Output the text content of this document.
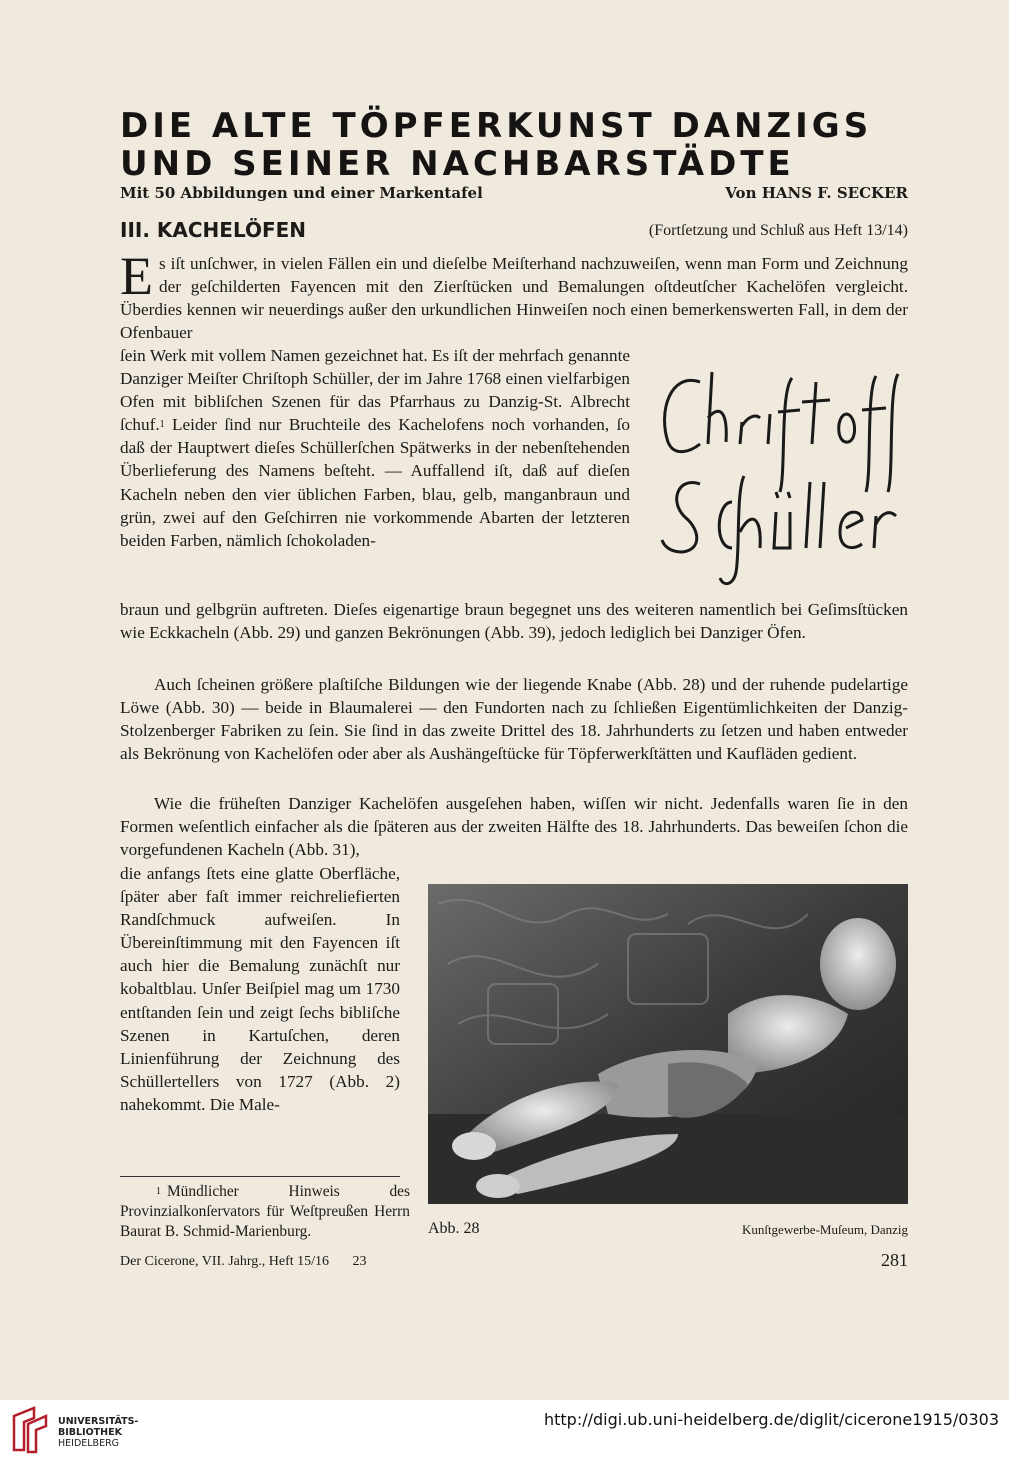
DIE ALTE TÖPFERKUNST DANZIGS
UND SEINER NACHBARSTÄDTE
Mit 50 Abbildungen und einer Markentafel	Von HANS F. SECKER
III. KACHELÖFEN	(Fortſetzung und Schluß aus Heft 13/14)

Es iſt unſchwer, in vielen Fällen ein und dieſelbe Meiſterhand nachzuweiſen, wenn man Form und Zeichnung der geſchilderten Fayencen mit den Zierſtücken und Bemalungen oſtdeutſcher Kachelöfen vergleicht. Überdies kennen wir neuerdings außer den urkundlichen Hinweiſen noch einen bemerkenswerten Fall, in dem der Ofenbauer

ſein Werk mit vollem Namen gezeichnet hat. Es iſt der mehrfach genannte Danziger Meiſter Chriſtoph Schüller, der im Jahre 1768 einen vielfarbigen Ofen mit bibliſchen Szenen für das Pfarrhaus zu Danzig-St. Albrecht ſchuf.$^1$ Leider ſind nur Bruchteile des Kachelofens noch vorhanden, ſo daß der Hauptwert dieſes Schüllerſchen Spätwerks in der nebenſtehenden Überlieferung des Namens beſteht. — Auffallend iſt, daß auf dieſen Kacheln neben den vier üblichen Farben, blau, gelb, manganbraun und grün, zwei auf den Geſchirren nie vorkommende Abarten der letzteren beiden Farben, nämlich ſchokoladen-

braun und gelbgrün auftreten. Dieſes eigenartige braun begegnet uns des weiteren namentlich bei Geſimsſtücken wie Eckkacheln (Abb. 29) und ganzen Bekrönungen (Abb. 39), jedoch lediglich bei Danziger Öfen.

Auch ſcheinen größere plaſtiſche Bildungen wie der liegende Knabe (Abb. 28) und der ruhende pudelartige Löwe (Abb. 30) — beide in Blaumalerei — den Fundorten nach zu ſchließen Eigentümlichkeiten der Danzig-Stolzenberger Fabriken zu ſein. Sie ſind in das zweite Drittel des 18. Jahrhunderts zu ſetzen und haben entweder als Bekrönung von Kachelöfen oder aber als Aushängeſtücke für Töpferwerkſtätten und Kaufläden gedient.

Wie die früheſten Danziger Kachelöfen ausgeſehen haben, wiſſen wir nicht. Jedenfalls waren ſie in den Formen weſentlich einfacher als die ſpäteren aus der zweiten Hälfte des 18. Jahrhunderts. Das beweiſen ſchon die vorgefundenen Kacheln (Abb. 31),

die anfangs ſtets eine glatte Oberfläche, ſpäter aber faſt immer reichreliefierten Randſchmuck aufweiſen. In Übereinſtimmung mit den Fayencen iſt auch hier die Bemalung zunächſt nur kobaltblau. Unſer Beiſpiel mag um 1730 entſtanden ſein und zeigt ſechs bibliſche Szenen in Kartuſchen, deren Linienführung der Zeichnung des Schüllertellers von 1727 (Abb. 2) nahekommt. Die Male-

Abb. 28	Kunſtgewerbe-Muſeum, Danzig

$^1$ Mündlicher Hinweis des Provinzialkonſervators für Weſtpreußen Herrn Baurat B. Schmid-Marienburg.

Der Cicerone, VII. Jahrg., Heft 15/16 23	281
UNIVERSITÄTS-
BIBLIOTHEK
HEIDELBERG
http://digi.ub.uni-heidelberg.de/diglit/cicerone1915/0303
